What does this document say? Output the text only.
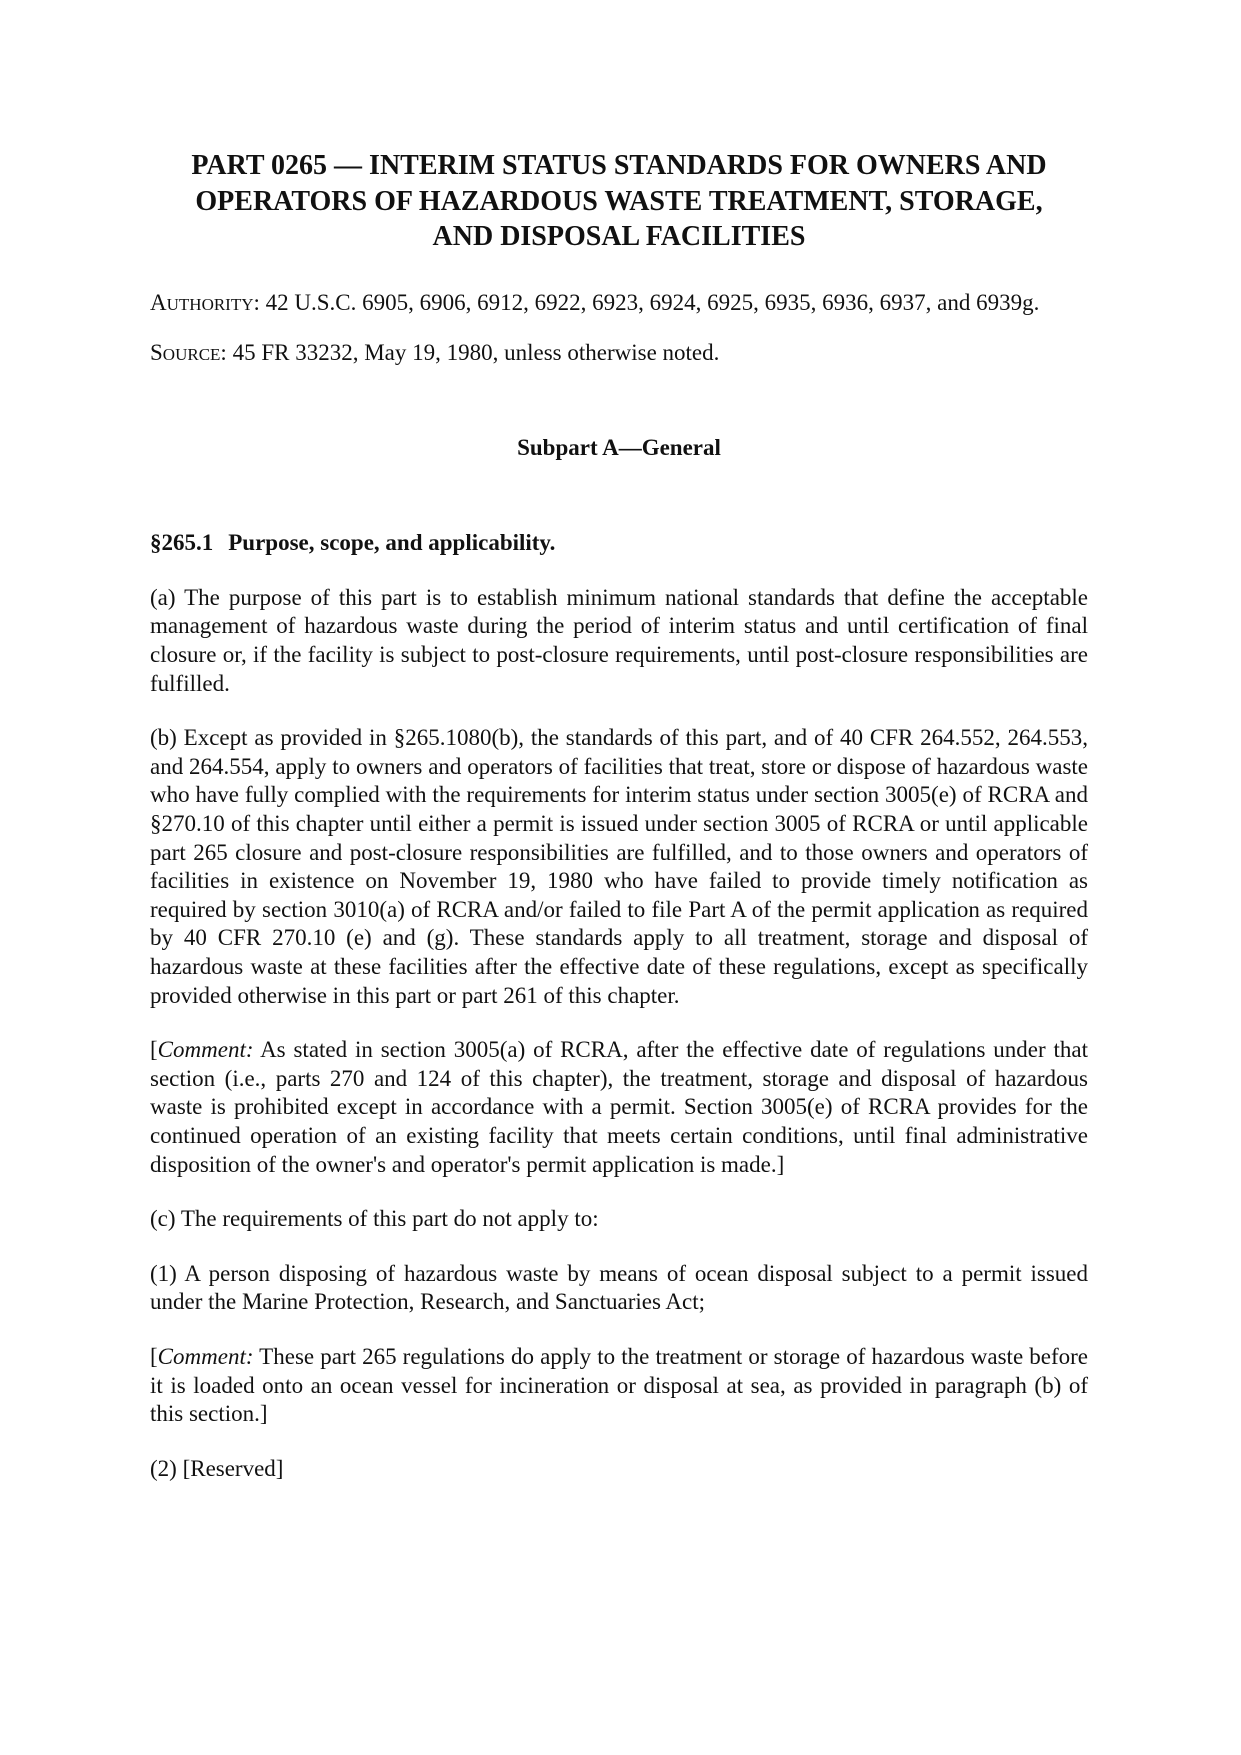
PART 0265 — INTERIM STATUS STANDARDS FOR OWNERS AND
OPERATORS OF HAZARDOUS WASTE TREATMENT, STORAGE,
AND DISPOSAL FACILITIES

AUTHORITY: 42 U.S.C. 6905, 6906, 6912, 6922, 6923, 6924, 6925, 6935, 6936, 6937, and 6939g.

SOURCE: 45 FR 33232, May 19, 1980, unless otherwise noted.

Subpart A—General

§265.1 Purpose, scope, and applicability.

(a) The purpose of this part is to establish minimum national standards that define the acceptable management of hazardous waste during the period of interim status and until certification of final closure or, if the facility is subject to post-closure requirements, until post-closure responsibilities are fulfilled.

(b) Except as provided in §265.1080(b), the standards of this part, and of 40 CFR 264.552, 264.553, and 264.554, apply to owners and operators of facilities that treat, store or dispose of hazardous waste who have fully complied with the requirements for interim status under section 3005(e) of RCRA and §270.10 of this chapter until either a permit is issued under section 3005 of RCRA or until applicable part 265 closure and post-closure responsibilities are fulfilled, and to those owners and operators of facilities in existence on November 19, 1980 who have failed to provide timely notification as required by section 3010(a) of RCRA and/or failed to file Part A of the permit application as required by 40 CFR 270.10 (e) and (g). These standards apply to all treatment, storage and disposal of hazardous waste at these facilities after the effective date of these regulations, except as specifically provided otherwise in this part or part 261 of this chapter.

[Comment: As stated in section 3005(a) of RCRA, after the effective date of regulations under that section (i.e., parts 270 and 124 of this chapter), the treatment, storage and disposal of hazardous waste is prohibited except in accordance with a permit. Section 3005(e) of RCRA provides for the continued operation of an existing facility that meets certain conditions, until final administrative disposition of the owner's and operator's permit application is made.]

(c) The requirements of this part do not apply to:

(1) A person disposing of hazardous waste by means of ocean disposal subject to a permit issued under the Marine Protection, Research, and Sanctuaries Act;

[Comment: These part 265 regulations do apply to the treatment or storage of hazardous waste before it is loaded onto an ocean vessel for incineration or disposal at sea, as provided in paragraph (b) of this section.]

(2) [Reserved]
